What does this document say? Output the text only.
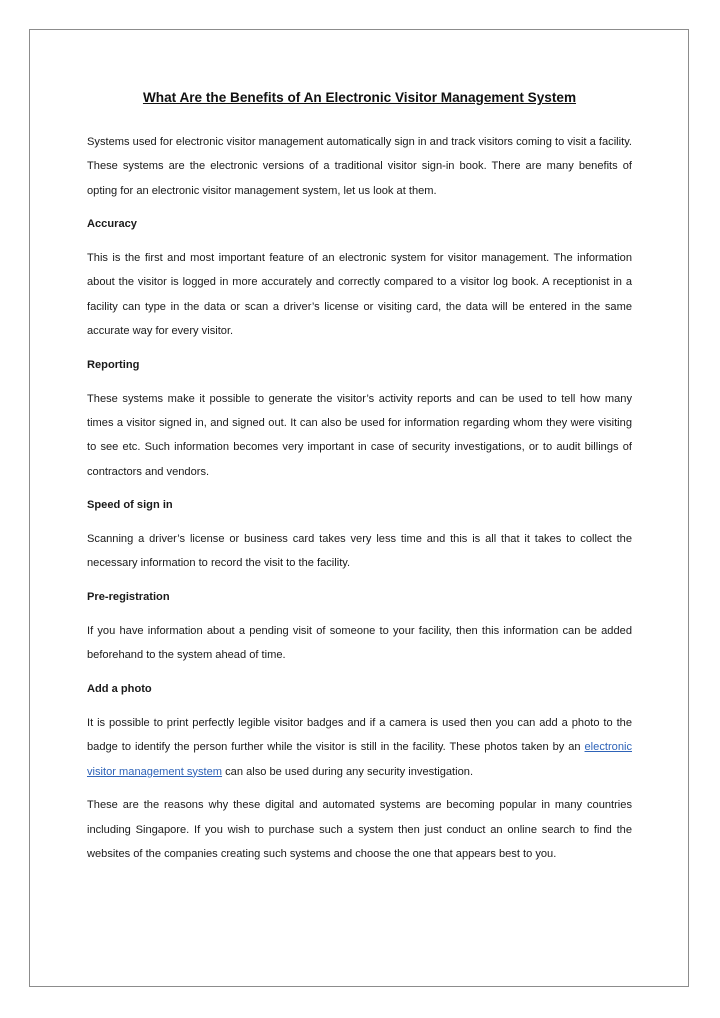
What Are the Benefits of An Electronic Visitor Management System

Systems used for electronic visitor management automatically sign in and track visitors coming to visit a facility. These systems are the electronic versions of a traditional visitor sign-in book. There are many benefits of opting for an electronic visitor management system, let us look at them.

Accuracy

This is the first and most important feature of an electronic system for visitor management. The information about the visitor is logged in more accurately and correctly compared to a visitor log book. A receptionist in a facility can type in the data or scan a driver’s license or visiting card, the data will be entered in the same accurate way for every visitor.

Reporting

These systems make it possible to generate the visitor’s activity reports and can be used to tell how many times a visitor signed in, and signed out. It can also be used for information regarding whom they were visiting to see etc. Such information becomes very important in case of security investigations, or to audit billings of contractors and vendors.

Speed of sign in

Scanning a driver’s license or business card takes very less time and this is all that it takes to collect the necessary information to record the visit to the facility.

Pre-registration

If you have information about a pending visit of someone to your facility, then this information can be added beforehand to the system ahead of time.

Add a photo

It is possible to print perfectly legible visitor badges and if a camera is used then you can add a photo to the badge to identify the person further while the visitor is still in the facility. These photos taken by an electronic visitor management system can also be used during any security investigation.

These are the reasons why these digital and automated systems are becoming popular in many countries including Singapore. If you wish to purchase such a system then just conduct an online search to find the websites of the companies creating such systems and choose the one that appears best to you.
